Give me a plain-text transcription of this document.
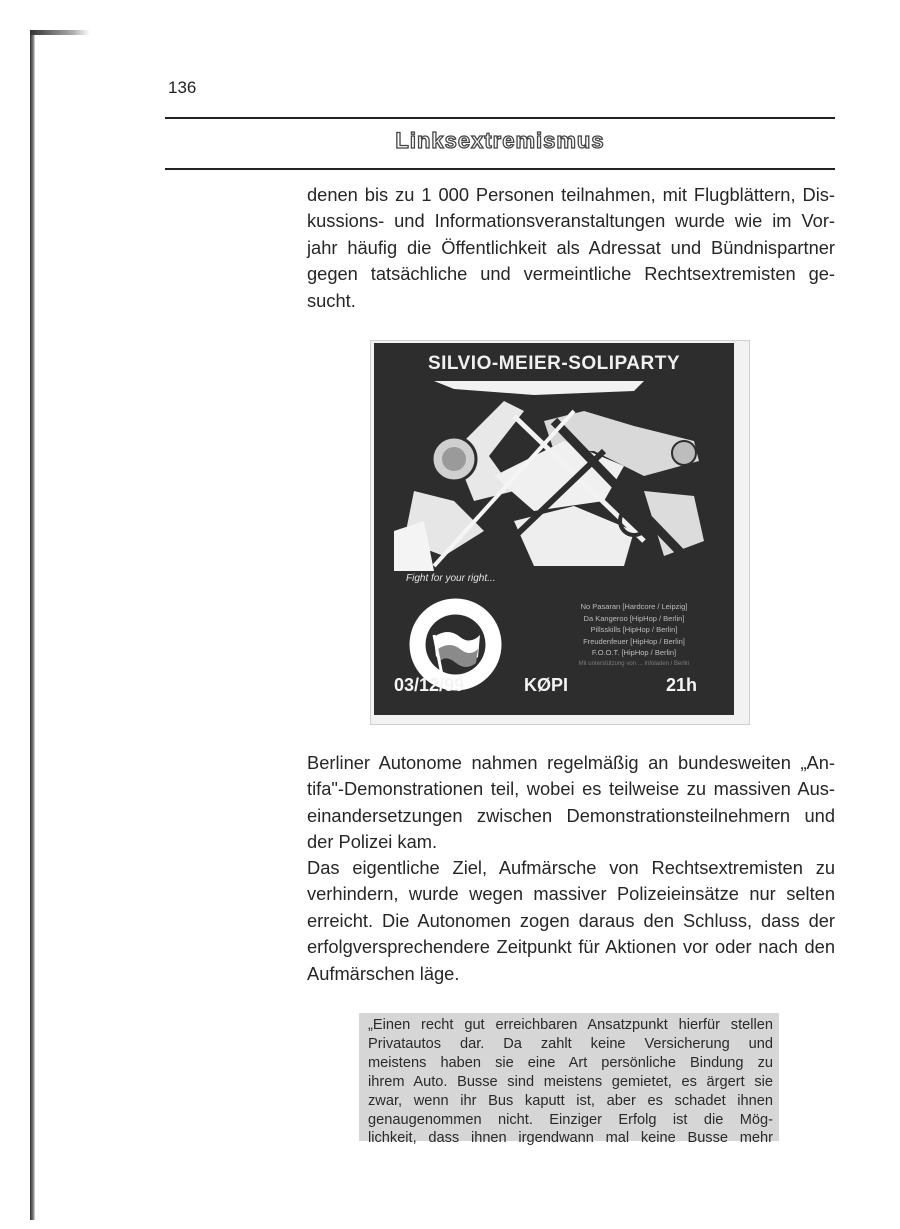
136
Linksextremismus

denen bis zu 1 000 Personen teilnahmen, mit Flugblättern, Dis-
kussions- und Informationsveranstaltungen wurde wie im Vor-
jahr häufig die Öffentlichkeit als Adressat und Bündnispartner
gegen tatsächliche und vermeintliche Rechtsextremisten ge-
sucht.

SILVIO-MEIER-SOLIPARTY
Fight for your right...
No Pasaran [Hardcore / Leipzig]
Da Kangeroo [HipHop / Berlin]
Pillsskills [HipHop / Berlin]
Freudenfeuer [HipHop / Berlin]
F.O.O.T. [HipHop / Berlin]
Mit unterstützung von ... Infoladen / Berlin
03/12/99	KØPI	21h

Berliner Autonome nahmen regelmäßig an bundesweiten „An-
tifa"-Demonstrationen teil, wobei es teilweise zu massiven Aus-
einandersetzungen zwischen Demonstrationsteilnehmern und
der Polizei kam.

Das eigentliche Ziel, Aufmärsche von Rechtsextremisten zu
verhindern, wurde wegen massiver Polizeieinsätze nur selten
erreicht. Die Autonomen zogen daraus den Schluss, dass der
erfolgversprechendere Zeitpunkt für Aktionen vor oder nach den
Aufmärschen läge.

„Einen recht gut erreichbaren Ansatzpunkt hierfür stellen
Privatautos dar. Da zahlt keine Versicherung und
meistens haben sie eine Art persönliche Bindung zu
ihrem Auto. Busse sind meistens gemietet, es ärgert sie
zwar, wenn ihr Bus kaputt ist, aber es schadet ihnen
genaugenommen nicht. Einziger Erfolg ist die Mög-
lichkeit, dass ihnen irgendwann mal keine Busse mehr
